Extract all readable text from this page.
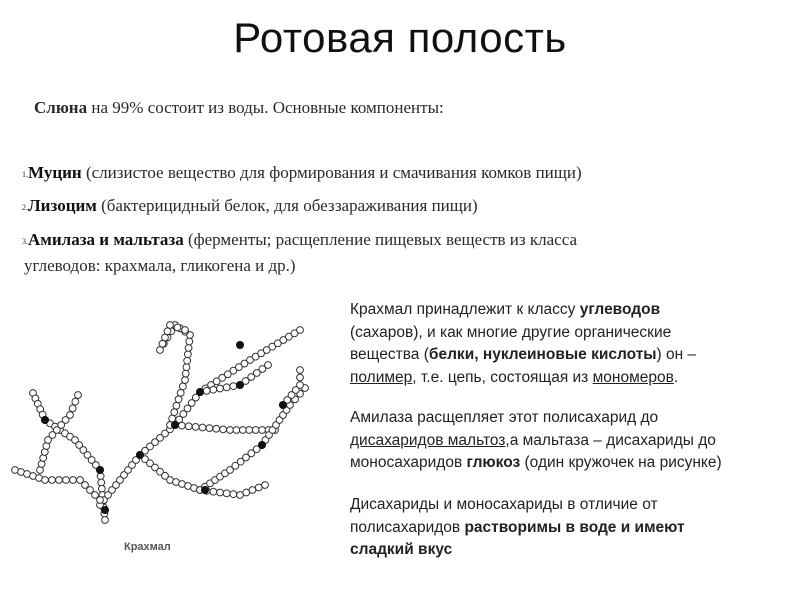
Ротовая полость
Слюна на 99% состоит из воды. Основные компоненты:
1.Муцин (слизистое вещество для формирования и смачивания комков пищи)
2.Лизоцим (бактерицидный белок, для обеззараживания пищи)
3.Амилаза и мальтаза (ферменты; расщепление пищевых веществ из класса
углеводов: крахмала, гликогена и др.)
Крахмал принадлежит к классу углеводов
(сахаров), и как многие другие органические
вещества (белки, нуклеиновые кислоты) он –
полимер, т.е. цепь, состоящая из мономеров.
Амилаза расщепляет этот полисахарид до
дисахаридов мальтоз,а мальтаза – дисахариды до
моносахаридов глюкоз (один кружочек на рисунке)
Дисахариды и моносахариды в отличие от
полисахаридов растворимы в воде и имеют
сладкий вкус
Крахмал
